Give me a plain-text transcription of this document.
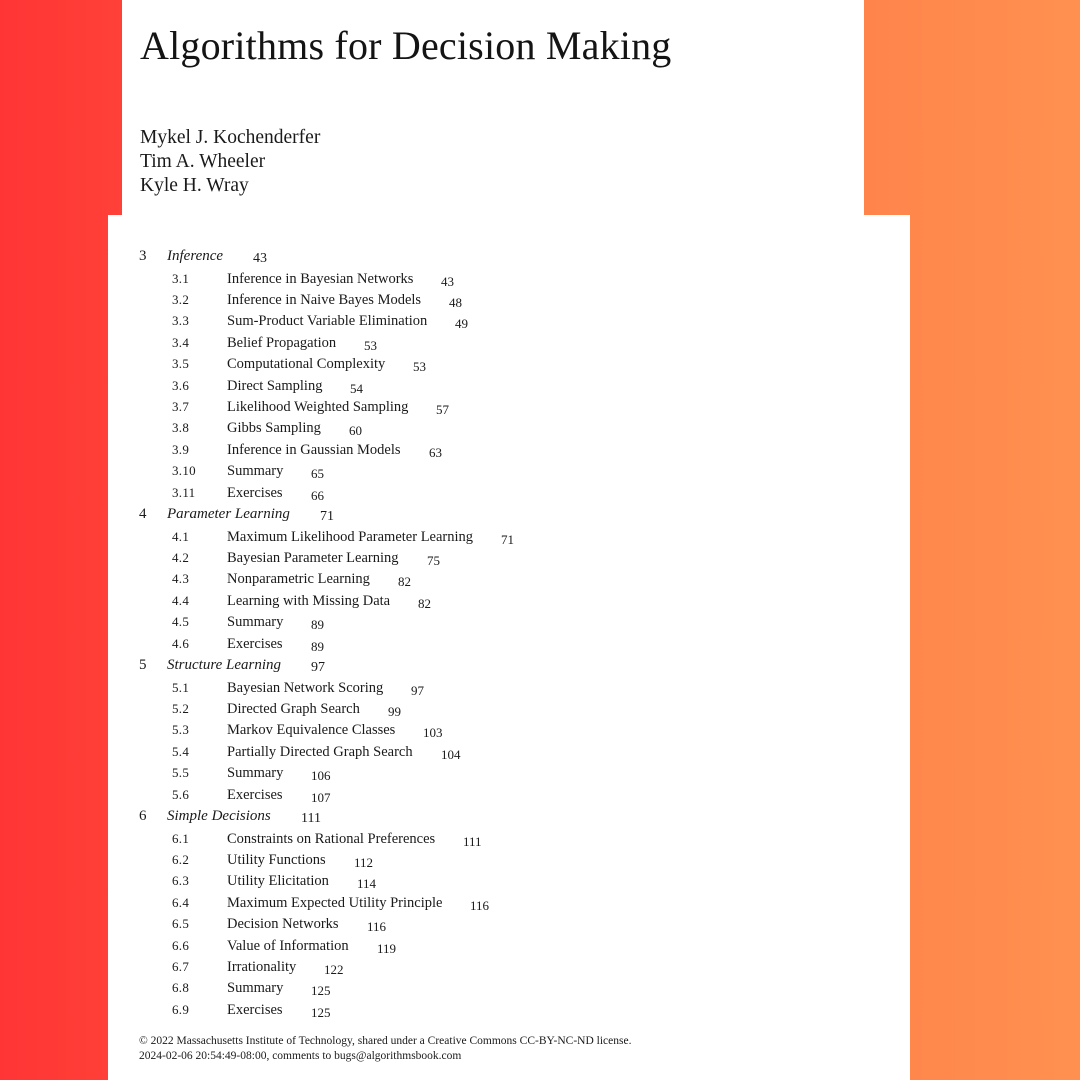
Algorithms for Decision Making
Mykel J. Kochenderfer
Tim A. Wheeler
Kyle H. Wray
3 Inference 43
3.1	Inference in Bayesian Networks 43
3.2	Inference in Naive Bayes Models 48
3.3	Sum-Product Variable Elimination 49
3.4	Belief Propagation 53
3.5	Computational Complexity 53
3.6	Direct Sampling 54
3.7	Likelihood Weighted Sampling 57
3.8	Gibbs Sampling 60
3.9	Inference in Gaussian Models 63
3.10 Summary 65
3.11 Exercises 66
4 Parameter Learning 71
4.1	Maximum Likelihood Parameter Learning 71
4.2	Bayesian Parameter Learning 75
4.3	Nonparametric Learning 82
4.4	Learning with Missing Data 82
4.5	Summary 89
4.6	Exercises 89
5 Structure Learning 97
5.1	Bayesian Network Scoring 97
5.2	Directed Graph Search 99
5.3	Markov Equivalence Classes 103
5.4	Partially Directed Graph Search 104
5.5	Summary 106
5.6	Exercises 107
6 Simple Decisions 111
6.1	Constraints on Rational Preferences 111
6.2	Utility Functions 112
6.3	Utility Elicitation 114
6.4	Maximum Expected Utility Principle 116
6.5	Decision Networks 116
6.6	Value of Information 119
6.7	Irrationality 122
6.8	Summary 125
6.9	Exercises 125
© 2022 Massachusetts Institute of Technology, shared under a Creative Commons CC-BY-NC-ND license.
2024-02-06 20:54:49-08:00, comments to bugs@algorithmsbook.com
